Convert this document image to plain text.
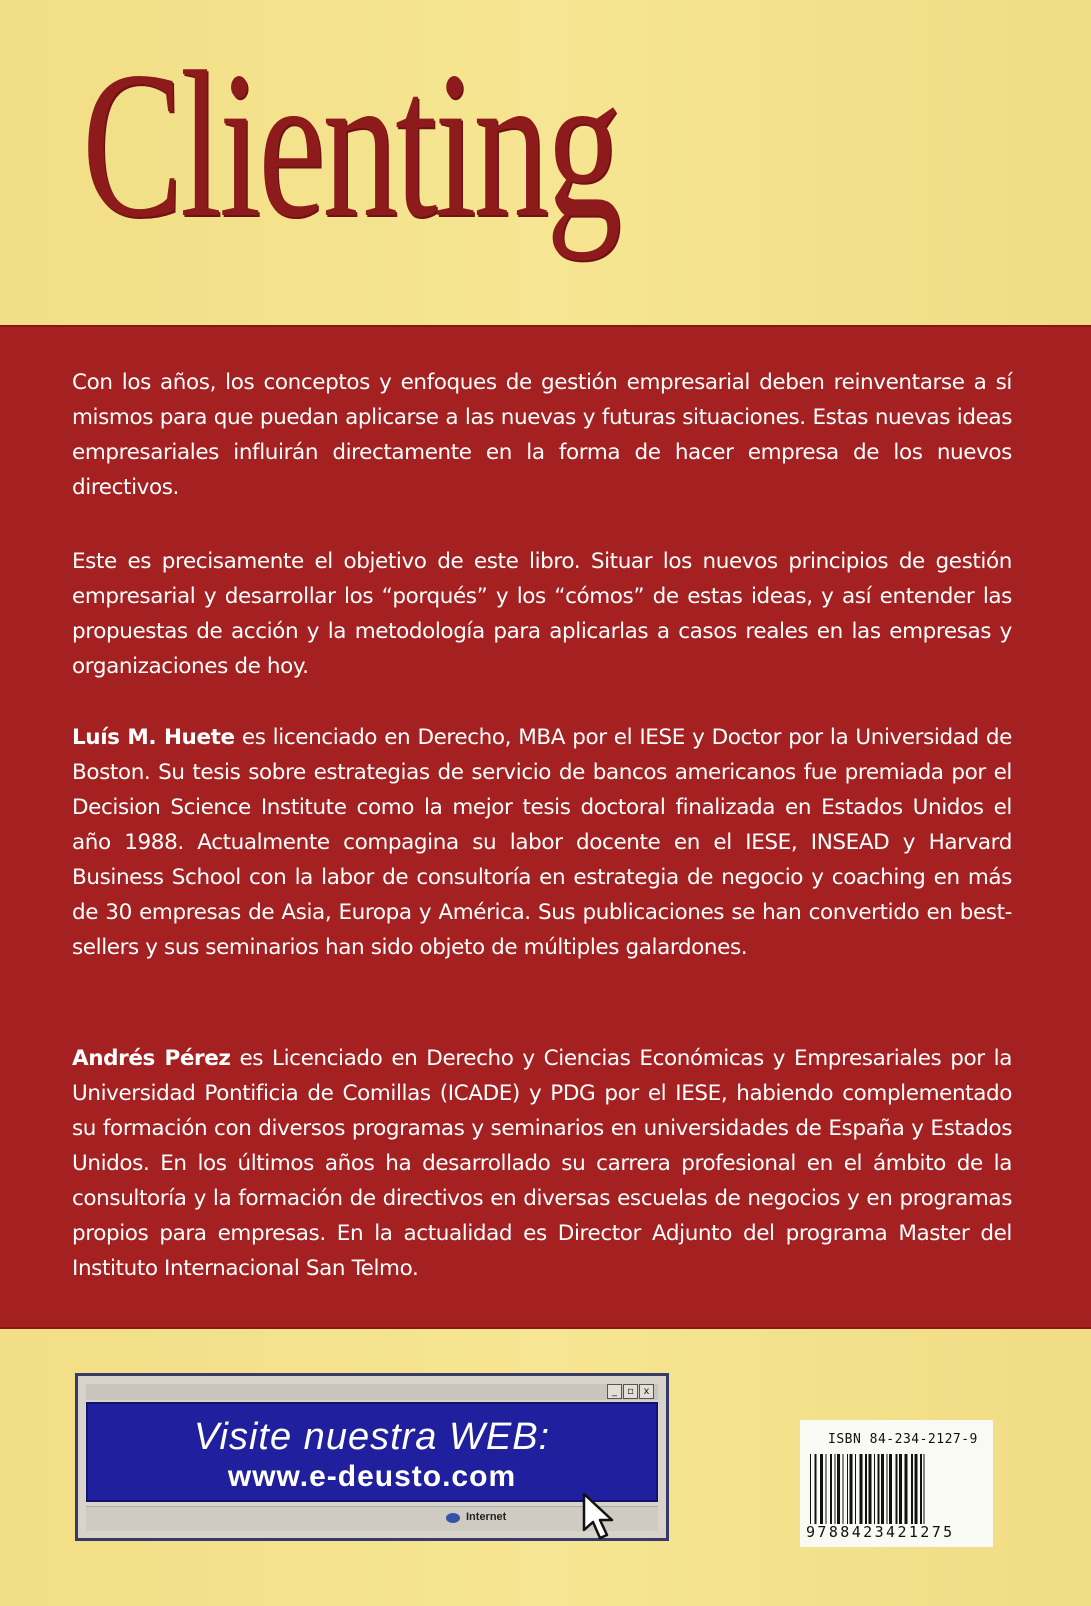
Clienting

Con los años, los conceptos y enfoques de gestión empresarial deben reinventarse a sí mismos para que puedan aplicarse a las nuevas y futuras situaciones. Estas nuevas ideas empresariales influirán directamente en la forma de hacer empresa de los nuevos directivos.

Este es precisamente el objetivo de este libro. Situar los nuevos principios de gestión empresarial y desarrollar los “porqués” y los “cómos” de estas ideas, y así entender las propuestas de acción y la metodología para aplicarlas a casos reales en las empresas y organizaciones de hoy.

Luís M. Huete es licenciado en Derecho, MBA por el IESE y Doctor por la Universidad de Boston. Su tesis sobre estrategias de servicio de bancos americanos fue premiada por el Decision Science Institute como la mejor tesis doctoral finalizada en Estados Unidos el año 1988. Actualmente compagina su labor docente en el IESE, INSEAD y Harvard Business School con la labor de consultoría en estrategia de negocio y coaching en más de 30 empresas de Asia, Europa y América. Sus publicaciones se han convertido en best-sellers y sus seminarios han sido objeto de múltiples galardones.

Andrés Pérez es Licenciado en Derecho y Ciencias Económicas y Empresariales por la Universidad Pontificia de Comillas (ICADE) y PDG por el IESE, habiendo complementado su formación con diversos programas y seminarios en universidades de España y Estados Unidos. En los últimos años ha desarrollado su carrera profesional en el ámbito de la consultoría y la formación de directivos en diversas escuelas de negocios y en programas propios para empresas. En la actualidad es Director Adjunto del programa Master del Instituto Internacional San Telmo.

_	▫ x
Visite nuestra WEB:
www.e-deusto.com
Internet
ISBN 84-234-2127-9
9788423421275
